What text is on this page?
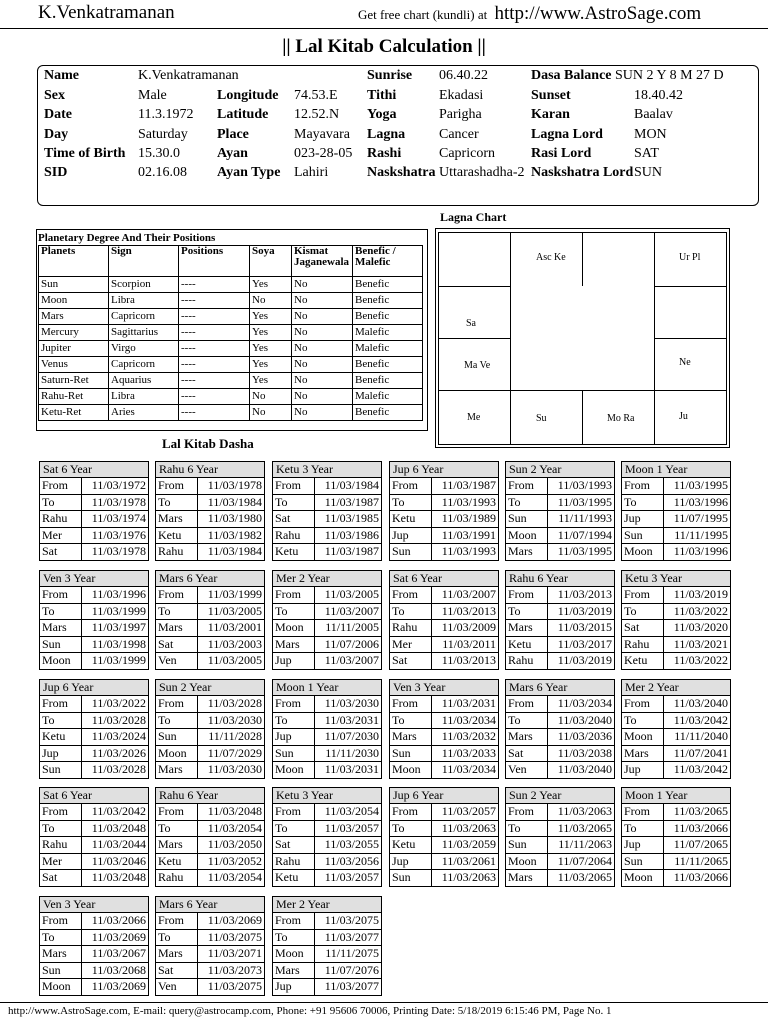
K.Venkatramanan	Get free chart (kundli) at http://www.AstroSage.com
|| Lal Kitab Calculation ||
Name	K.Venkatramanan
Sex	Male
Date	11.3.1972
Day	Saturday
Time of Birth 15.30.0
SID	02.16.08
Longitude 74.53.E
Latitude 12.52.N
Place	Mayavara
Ayan	023-28-05
Ayan Type Lahiri
Sunrise 06.40.22
Tithi	Ekadasi
Yoga	Parigha
Lagna Cancer
Rashi	Capricorn
Naskshatra Uttarashadha-2
Dasa Balance SUN 2 Y 8 M 27 D
Sunset	18.40.42
Karan	Baalav
Lagna Lord MON
Rasi Lord	SAT
Naskshatra Lord SUN
Planetary Degree And Their Positions
Planets	Sign	Positions	Soya	Kismat Jaganewala	Benefic / Malefic
Sun	Scorpion	----	Yes	No	Benefic
Moon	Libra	----	No	No	Benefic
Mars	Capricorn	----	Yes	No	Benefic
Mercury	Sagittarius	----	Yes	No	Malefic
Jupiter	Virgo	----	Yes	No	Malefic
Venus	Capricorn	----	Yes	No	Benefic
Saturn-Ret	Aquarius	----	Yes	No	Benefic
Rahu-Ret	Libra	----	No	No	Malefic
Ketu-Ret	Aries	----	No	No	Benefic
Lagna Chart
Asc Ke	Ur Pl
Sa
Ma Ve	Ne
Me	Su	Mo Ra	Ju
Lal Kitab Dasha
Sat 6 Year
From	11/03/1972
To	11/03/1978
Rahu	11/03/1974
Mer	11/03/1976
Sat	11/03/1978
Rahu 6 Year
From	11/03/1978
To	11/03/1984
Mars	11/03/1980
Ketu	11/03/1982
Rahu	11/03/1984
Ketu 3 Year
From	11/03/1984
To	11/03/1987
Sat	11/03/1985
Rahu	11/03/1986
Ketu	11/03/1987
Jup 6 Year
From	11/03/1987
To	11/03/1993
Ketu	11/03/1989
Jup	11/03/1991
Sun	11/03/1993
Sun 2 Year
From	11/03/1993
To	11/03/1995
Sun	11/11/1993
Moon	11/07/1994
Mars	11/03/1995
Moon 1 Year
From	11/03/1995
To	11/03/1996
Jup	11/07/1995
Sun	11/11/1995
Moon	11/03/1996
Ven 3 Year
From	11/03/1996
To	11/03/1999
Mars	11/03/1997
Sun	11/03/1998
Moon	11/03/1999
Mars 6 Year
From	11/03/1999
To	11/03/2005
Mars	11/03/2001
Sat	11/03/2003
Ven	11/03/2005
Mer 2 Year
From	11/03/2005
To	11/03/2007
Moon	11/11/2005
Mars	11/07/2006
Jup	11/03/2007
Sat 6 Year
From	11/03/2007
To	11/03/2013
Rahu	11/03/2009
Mer	11/03/2011
Sat	11/03/2013
Rahu 6 Year
From	11/03/2013
To	11/03/2019
Mars	11/03/2015
Ketu	11/03/2017
Rahu	11/03/2019
Ketu 3 Year
From	11/03/2019
To	11/03/2022
Sat	11/03/2020
Rahu	11/03/2021
Ketu	11/03/2022
Jup 6 Year
From	11/03/2022
To	11/03/2028
Ketu	11/03/2024
Jup	11/03/2026
Sun	11/03/2028
Sun 2 Year
From	11/03/2028
To	11/03/2030
Sun	11/11/2028
Moon	11/07/2029
Mars	11/03/2030
Moon 1 Year
From	11/03/2030
To	11/03/2031
Jup	11/07/2030
Sun	11/11/2030
Moon	11/03/2031
Ven 3 Year
From	11/03/2031
To	11/03/2034
Mars	11/03/2032
Sun	11/03/2033
Moon	11/03/2034
Mars 6 Year
From	11/03/2034
To	11/03/2040
Mars	11/03/2036
Sat	11/03/2038
Ven	11/03/2040
Mer 2 Year
From	11/03/2040
To	11/03/2042
Moon	11/11/2040
Mars	11/07/2041
Jup	11/03/2042
Sat 6 Year
From	11/03/2042
To	11/03/2048
Rahu	11/03/2044
Mer	11/03/2046
Sat	11/03/2048
Rahu 6 Year
From	11/03/2048
To	11/03/2054
Mars	11/03/2050
Ketu	11/03/2052
Rahu	11/03/2054
Ketu 3 Year
From	11/03/2054
To	11/03/2057
Sat	11/03/2055
Rahu	11/03/2056
Ketu	11/03/2057
Jup 6 Year
From	11/03/2057
To	11/03/2063
Ketu	11/03/2059
Jup	11/03/2061
Sun	11/03/2063
Sun 2 Year
From	11/03/2063
To	11/03/2065
Sun	11/11/2063
Moon	11/07/2064
Mars	11/03/2065
Moon 1 Year
From	11/03/2065
To	11/03/2066
Jup	11/07/2065
Sun	11/11/2065
Moon	11/03/2066
Ven 3 Year
From	11/03/2066
To	11/03/2069
Mars	11/03/2067
Sun	11/03/2068
Moon	11/03/2069
Mars 6 Year
From	11/03/2069
To	11/03/2075
Mars	11/03/2071
Sat	11/03/2073
Ven	11/03/2075
Mer 2 Year
From	11/03/2075
To	11/03/2077
Moon	11/11/2075
Mars	11/07/2076
Jup	11/03/2077
http://www.AstroSage.com, E-mail: query@astrocamp.com, Phone: +91 95606 70006, Printing Date: 5/18/2019 6:15:46 PM, Page No. 1
